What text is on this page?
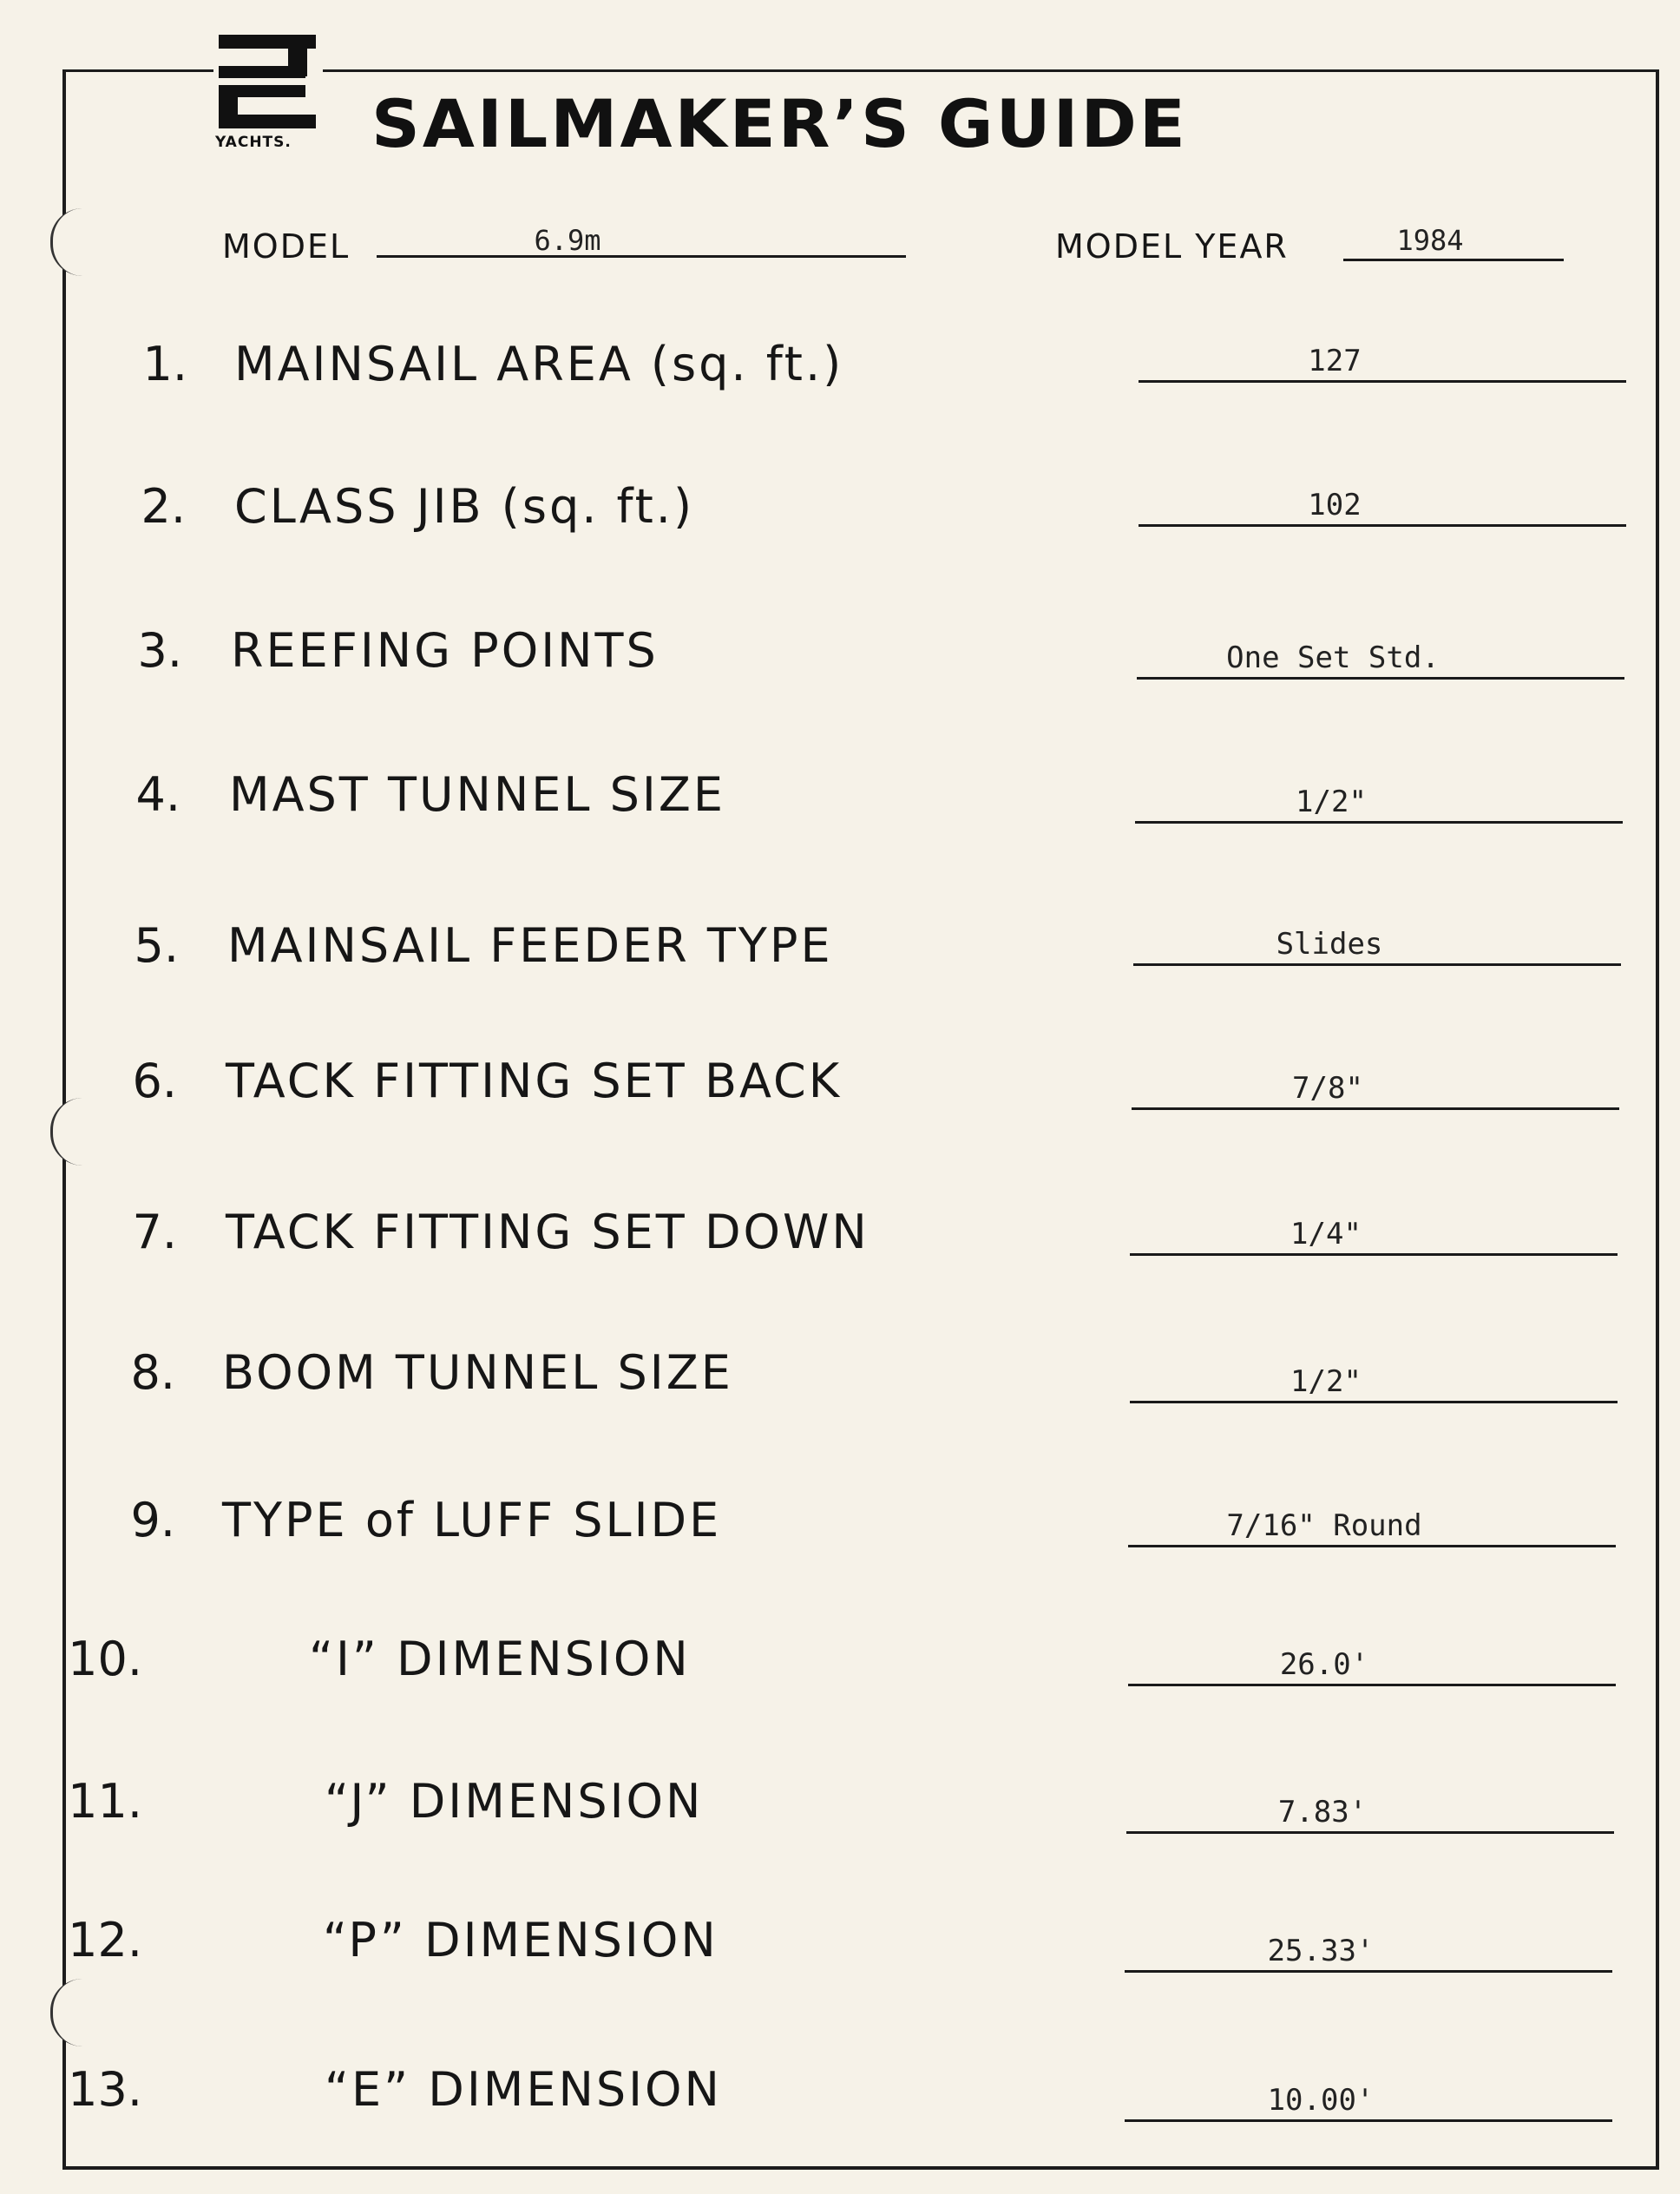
YACHTS. SAILMAKER’S GUIDE
MODEL	6.9m	MODEL YEAR	1984
1. MAINSAIL AREA (sq. ft.)	127
2. CLASS JIB (sq. ft.)	102
3. REEFING POINTS	One Set Std.
4. MAST TUNNEL SIZE	1/2"
5. MAINSAIL FEEDER TYPE	Slides
6. TACK FITTING SET BACK	7/8"
7. TACK FITTING SET DOWN	1/4"
8. BOOM TUNNEL SIZE	1/2"
9. TYPE of LUFF SLIDE	7/16" Round
10.	“I” DIMENSION	26.0'
11.	“J” DIMENSION	7.83'
12.	“P” DIMENSION	25.33'
13.	“E” DIMENSION	10.00'
